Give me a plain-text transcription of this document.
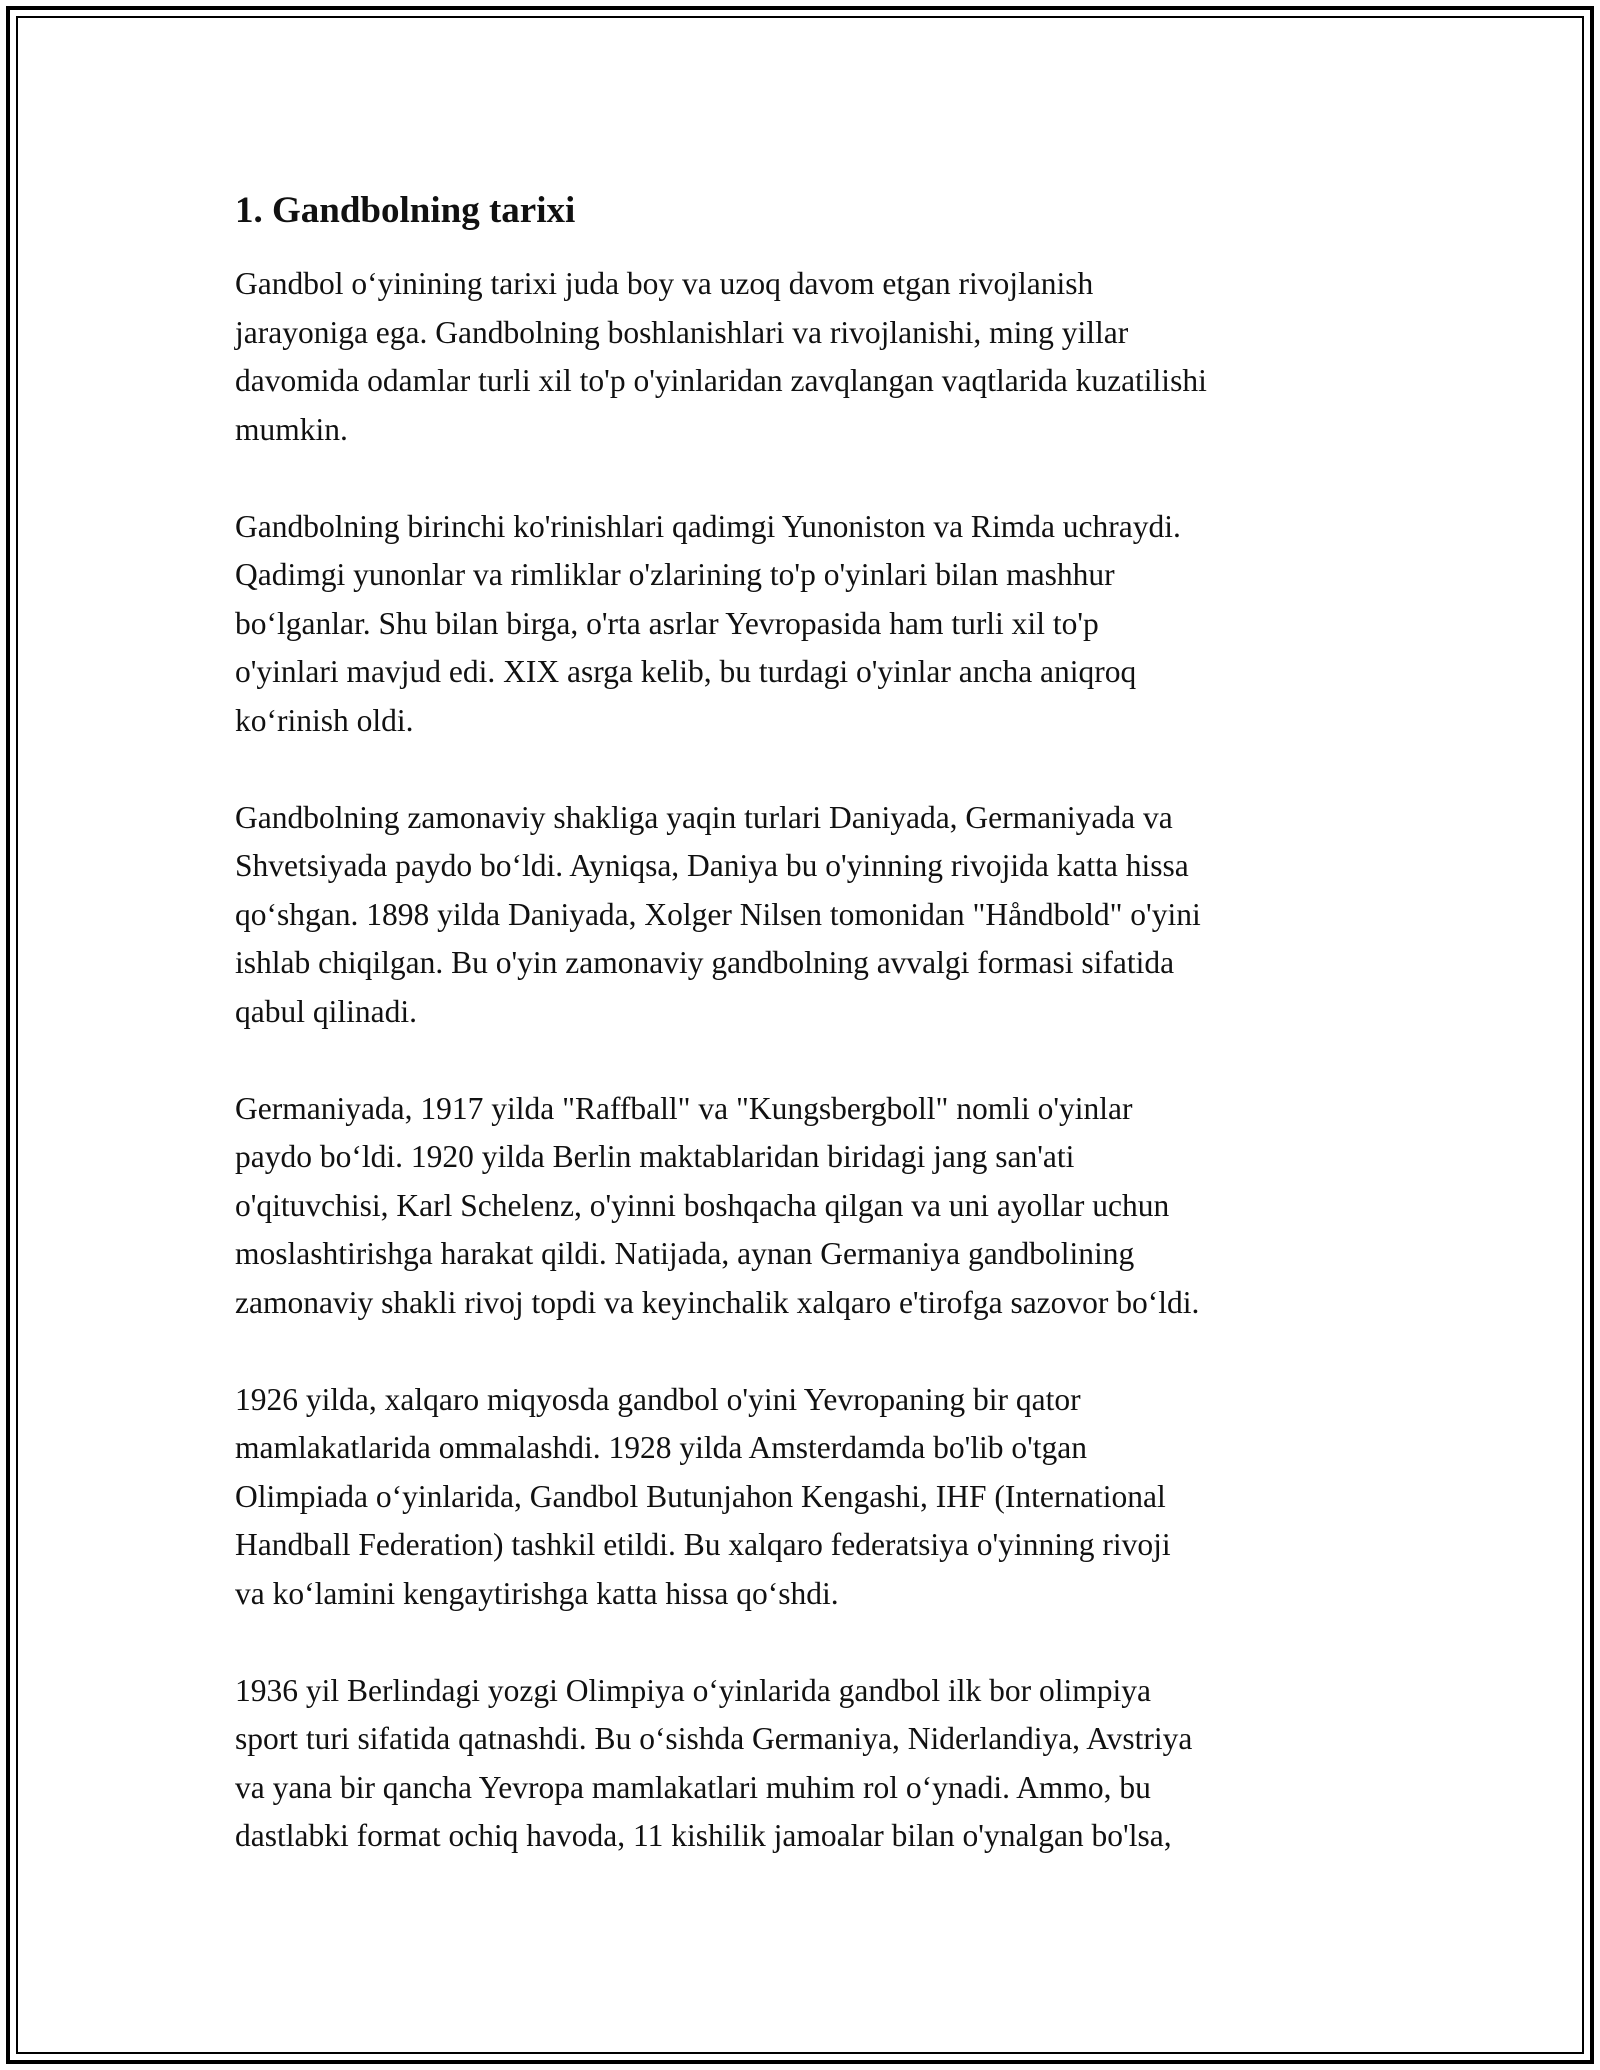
1. Gandbolning tarixi

Gandbol o‘yinining tarixi juda boy va uzoq davom etgan rivojlanish
jarayoniga ega. Gandbolning boshlanishlari va rivojlanishi, ming yillar
davomida odamlar turli xil to'p o'yinlaridan zavqlangan vaqtlarida kuzatilishi
mumkin.

Gandbolning birinchi ko'rinishlari qadimgi Yunoniston va Rimda uchraydi.
Qadimgi yunonlar va rimliklar o'zlarining to'p o'yinlari bilan mashhur
bo‘lganlar. Shu bilan birga, o'rta asrlar Yevropasida ham turli xil to'p
o'yinlari mavjud edi. XIX asrga kelib, bu turdagi o'yinlar ancha aniqroq
ko‘rinish oldi.

Gandbolning zamonaviy shakliga yaqin turlari Daniyada, Germaniyada va
Shvetsiyada paydo bo‘ldi. Ayniqsa, Daniya bu o'yinning rivojida katta hissa
qo‘shgan. 1898 yilda Daniyada, Xolger Nilsen tomonidan "Håndbold" o'yini
ishlab chiqilgan. Bu o'yin zamonaviy gandbolning avvalgi formasi sifatida
qabul qilinadi.

Germaniyada, 1917 yilda "Raffball" va "Kungsbergboll" nomli o'yinlar
paydo bo‘ldi. 1920 yilda Berlin maktablaridan biridagi jang san'ati
o'qituvchisi, Karl Schelenz, o'yinni boshqacha qilgan va uni ayollar uchun
moslashtirishga harakat qildi. Natijada, aynan Germaniya gandbolining
zamonaviy shakli rivoj topdi va keyinchalik xalqaro e'tirofga sazovor bo‘ldi.

1926 yilda, xalqaro miqyosda gandbol o'yini Yevropaning bir qator
mamlakatlarida ommalashdi. 1928 yilda Amsterdamda bo'lib o'tgan
Olimpiada o‘yinlarida, Gandbol Butunjahon Kengashi, IHF (International
Handball Federation) tashkil etildi. Bu xalqaro federatsiya o'yinning rivoji
va ko‘lamini kengaytirishga katta hissa qo‘shdi.

1936 yil Berlindagi yozgi Olimpiya o‘yinlarida gandbol ilk bor olimpiya
sport turi sifatida qatnashdi. Bu o‘sishda Germaniya, Niderlandiya, Avstriya
va yana bir qancha Yevropa mamlakatlari muhim rol o‘ynadi. Ammo, bu
dastlabki format ochiq havoda, 11 kishilik jamoalar bilan o'ynalgan bo'lsa,
